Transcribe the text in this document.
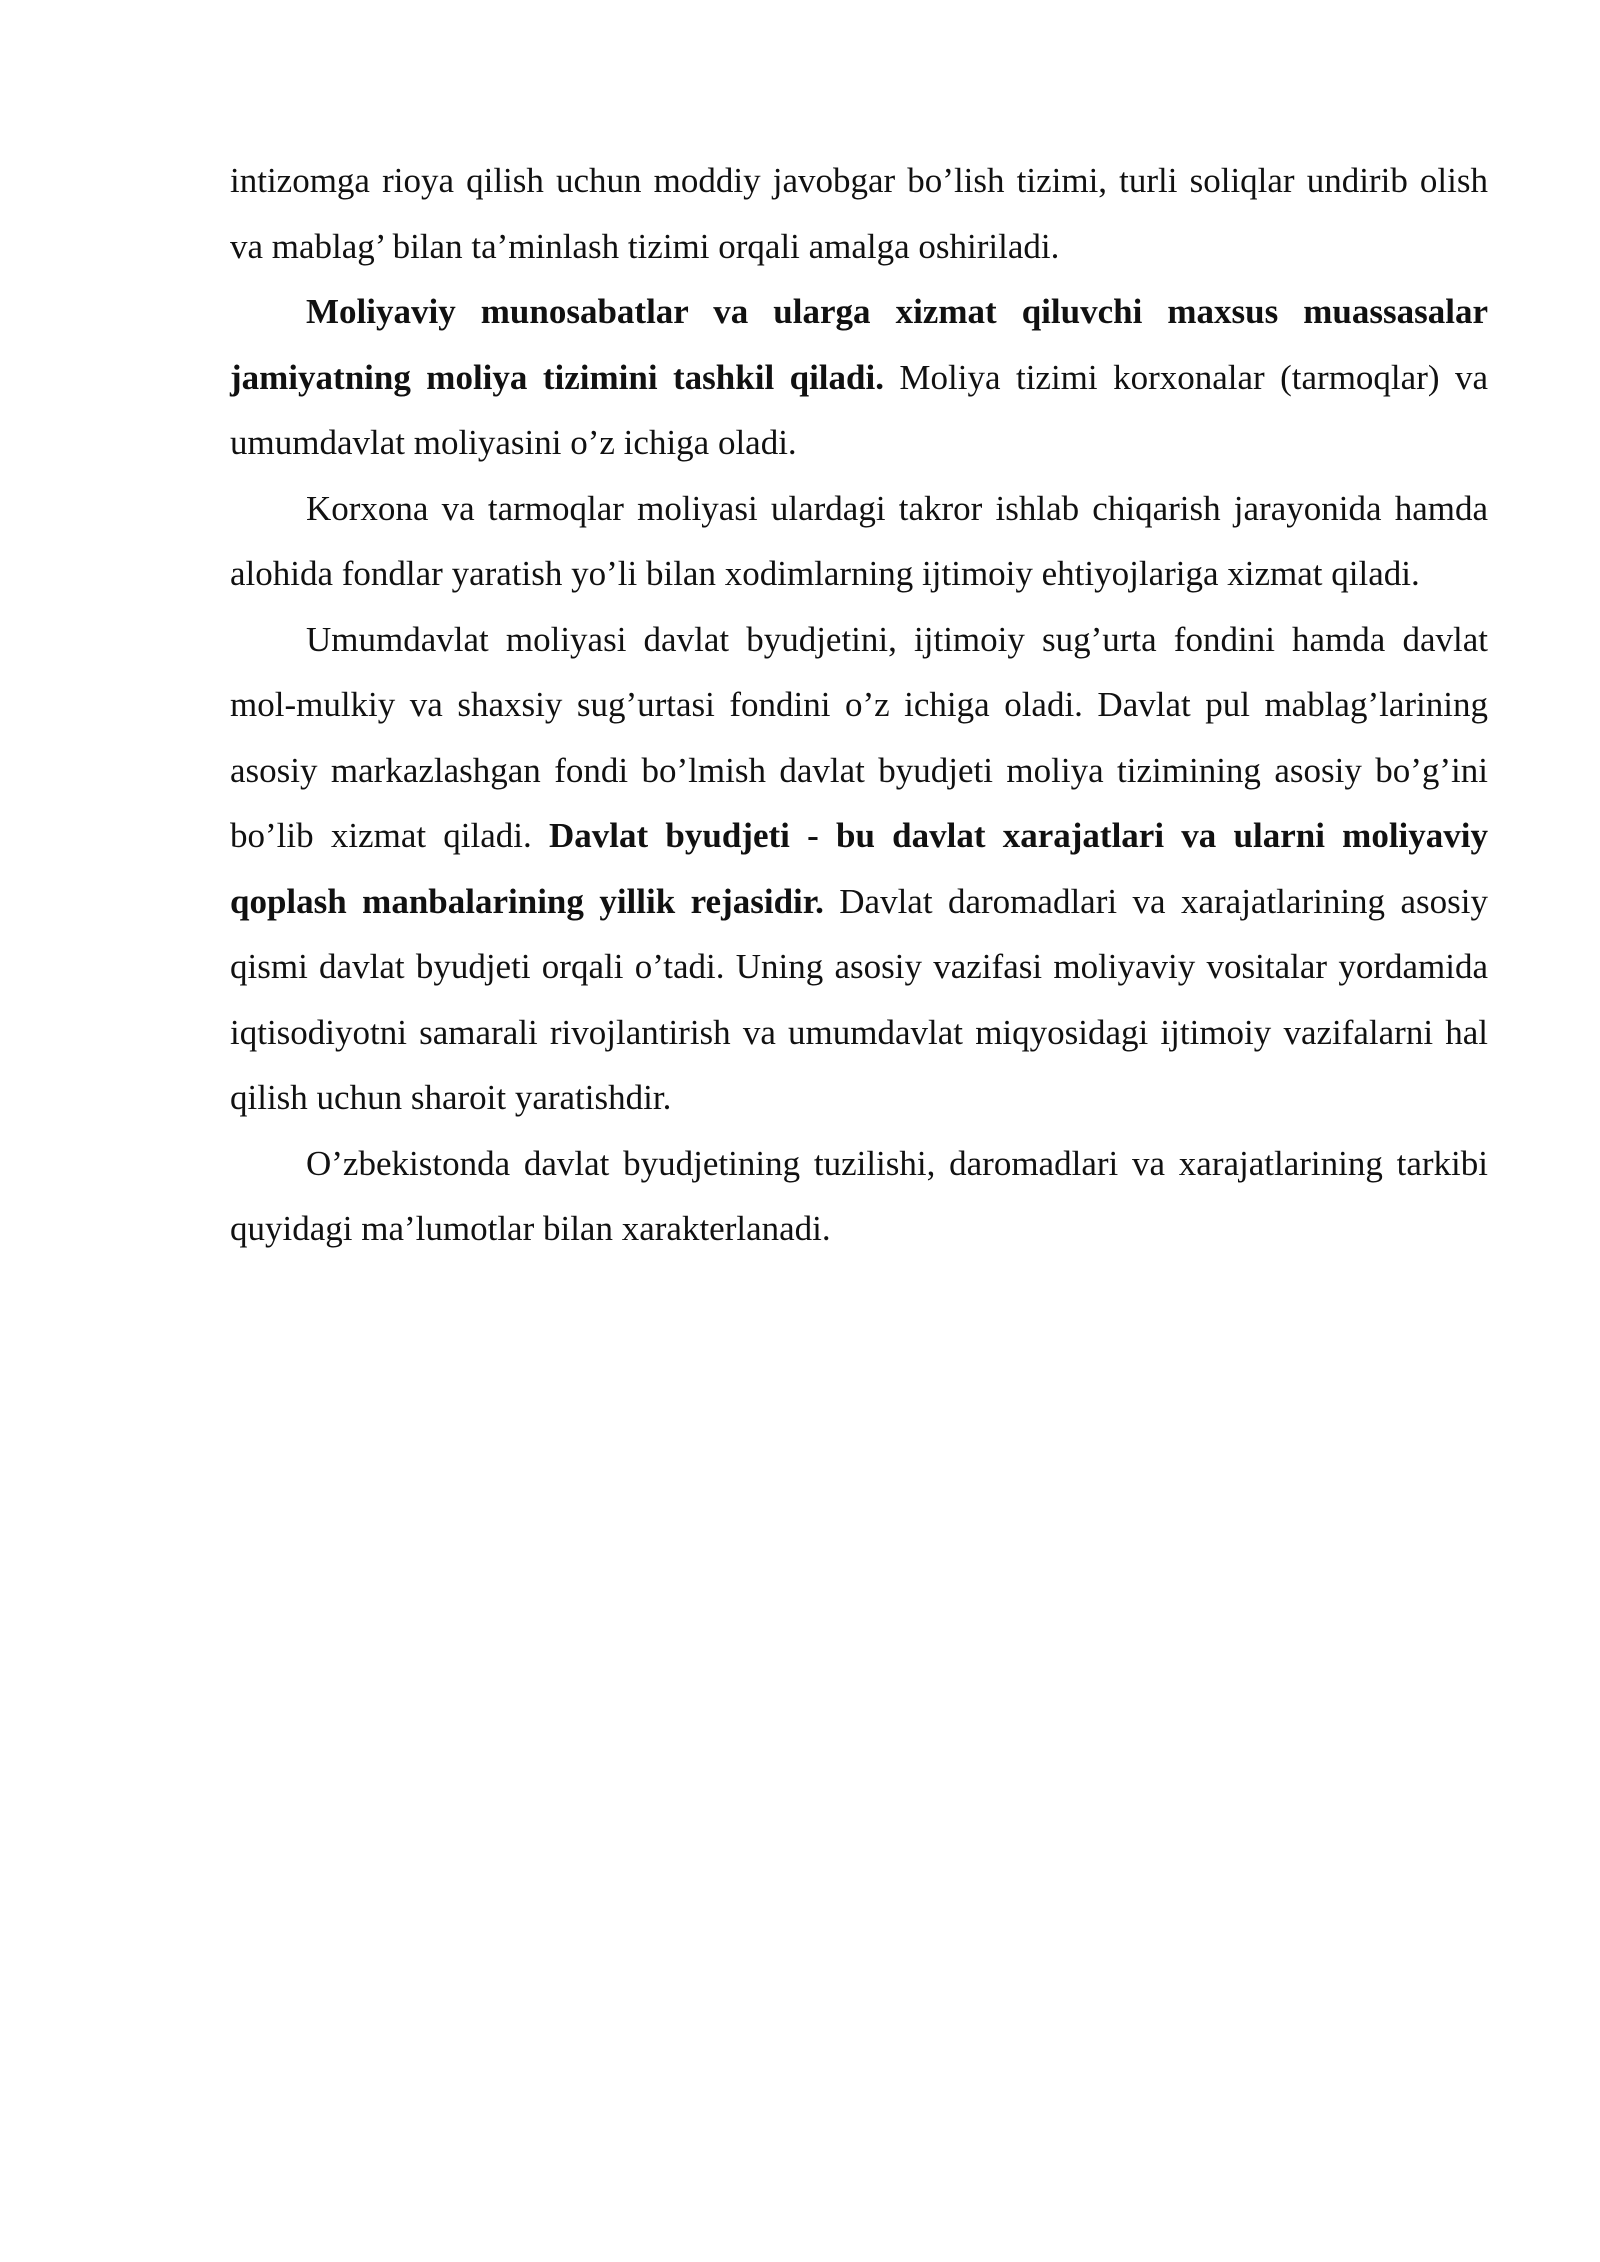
intizomga rioya qilish uchun moddiy javobgar bo’lish tizimi, turli soliqlar undirib olish va mablag’ bilan ta’minlash tizimi orqali amalga oshiriladi.

Moliyaviy munosabatlar va ularga xizmat qiluvchi maxsus muassasalar jamiyatning moliya tizimini tashkil qiladi. Moliya tizimi korxonalar (tarmoqlar) va umumdavlat moliyasini o’z ichiga oladi.

Korxona va tarmoqlar moliyasi ulardagi takror ishlab chiqarish jarayonida hamda alohida fondlar yaratish yo’li bilan xodimlarning ijtimoiy ehtiyojlariga xizmat qiladi.

Umumdavlat moliyasi davlat byudjetini, ijtimoiy sug’urta fondini hamda davlat mol-mulkiy va shaxsiy sug’urtasi fondini o’z ichiga oladi. Davlat pul mablag’larining asosiy markazlashgan fondi bo’lmish davlat byudjeti moliya tizimining asosiy bo’g’ini bo’lib xizmat qiladi. Davlat byudjeti - bu davlat xarajatlari va ularni moliyaviy qoplash manbalarining yillik rejasidir. Davlat daromadlari va xarajatlarining asosiy qismi davlat byudjeti orqali o’tadi. Uning asosiy vazifasi moliyaviy vositalar yordamida iqtisodiyotni samarali rivojlantirish va umumdavlat miqyosidagi ijtimoiy vazifalarni hal qilish uchun sharoit yaratishdir.

O’zbekistonda davlat byudjetining tuzilishi, daromadlari va xarajatlarining tarkibi quyidagi ma’lumotlar bilan xarakterlanadi.
